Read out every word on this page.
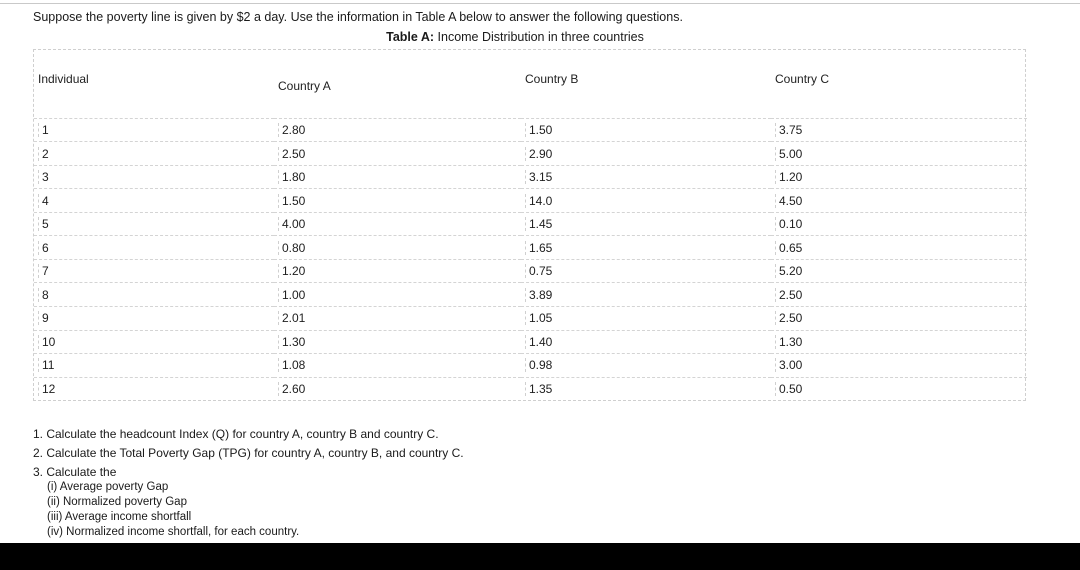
Suppose the poverty line is given by $2 a day. Use the information in Table A below to answer the following questions.
Table A: Income Distribution in three countries
Individual	Country A	Country B	Country C

1	2.80	1.50	3.75

2	2.50	2.90	5.00

3	1.80	3.15	1.20

4	1.50	14.0	4.50

5	4.00	1.45	0.10

6	0.80	1.65	0.65

7	1.20	0.75	5.20

8	1.00	3.89	2.50

9	2.01	1.05	2.50

10	1.30	1.40	1.30

11	1.08	0.98	3.00

12	2.60	1.35	0.50
1. Calculate the headcount Index (Q) for country A, country B and country C.
2. Calculate the Total Poverty Gap (TPG) for country A, country B, and country C.
3. Calculate the
(i) Average poverty Gap
(ii) Normalized poverty Gap
(iii) Average income shortfall
(iv) Normalized income shortfall, for each country.
